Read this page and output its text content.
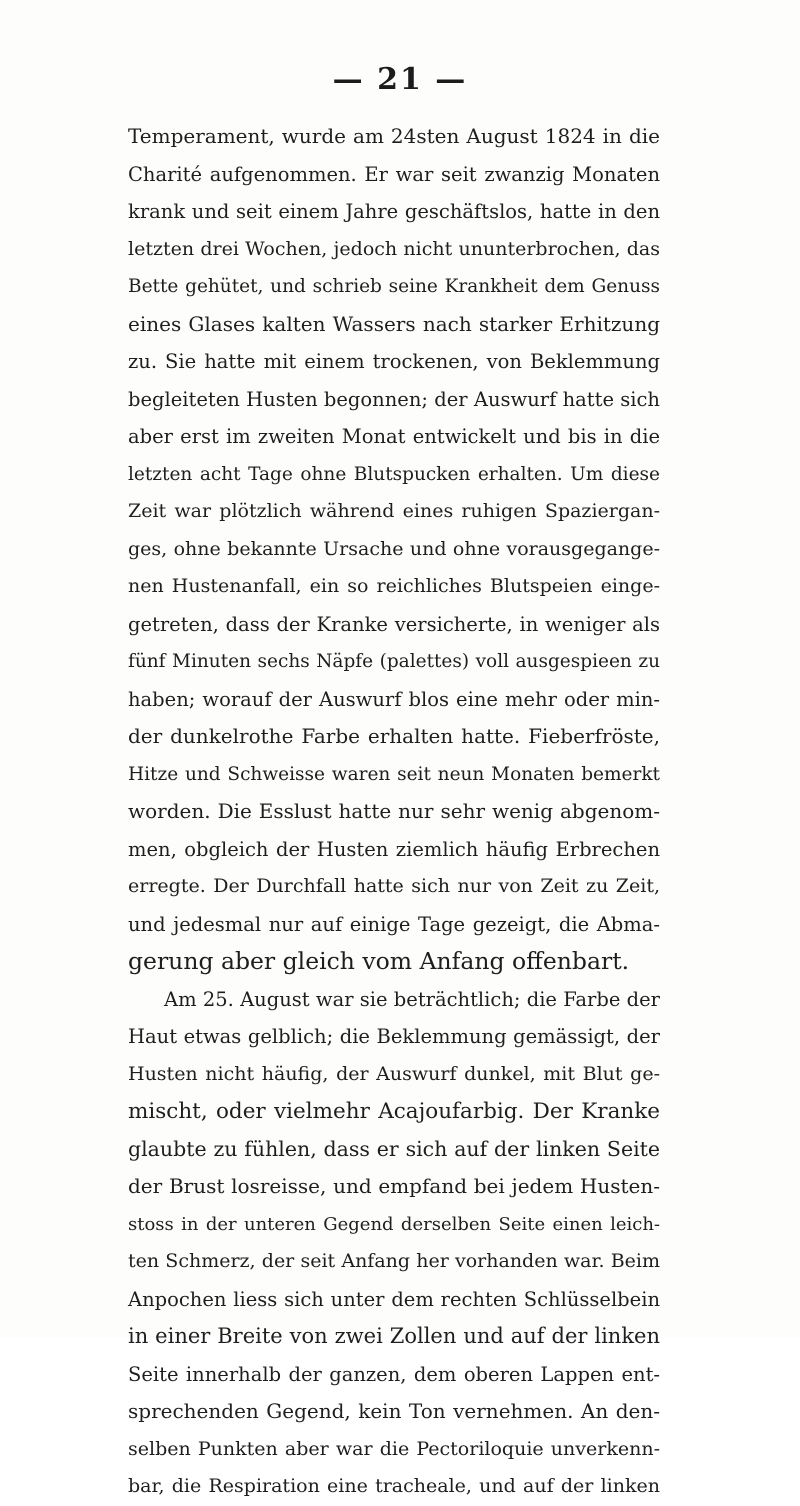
— 21 —
Temperament, wurde am 24sten August 1824 in die
Charité aufgenommen. Er war seit zwanzig Monaten
krank und seit einem Jahre geschäftslos, hatte in den
letzten drei Wochen, jedoch nicht ununterbrochen, das
Bette gehütet, und schrieb seine Krankheit dem Genuss
eines Glases kalten Wassers nach starker Erhitzung
zu. Sie hatte mit einem trockenen, von Beklemmung
begleiteten Husten begonnen; der Auswurf hatte sich
aber erst im zweiten Monat entwickelt und bis in die
letzten acht Tage ohne Blutspucken erhalten. Um diese
Zeit war plötzlich während eines ruhigen Spaziergan-
ges, ohne bekannte Ursache und ohne vorausgegange-
nen Hustenanfall, ein so reichliches Blutspeien einge-
getreten, dass der Kranke versicherte, in weniger als
fünf Minuten sechs Näpfe (palettes) voll ausgespieen zu
haben; worauf der Auswurf blos eine mehr oder min-
der dunkelrothe Farbe erhalten hatte. Fieberfröste,
Hitze und Schweisse waren seit neun Monaten bemerkt
worden. Die Esslust hatte nur sehr wenig abgenom-
men, obgleich der Husten ziemlich häufig Erbrechen
erregte. Der Durchfall hatte sich nur von Zeit zu Zeit,
und jedesmal nur auf einige Tage gezeigt, die Abma-
gerung aber gleich vom Anfang offenbart.
Am 25. August war sie beträchtlich; die Farbe der
Haut etwas gelblich; die Beklemmung gemässigt, der
Husten nicht häufig, der Auswurf dunkel, mit Blut ge-
mischt, oder vielmehr Acajoufarbig. Der Kranke
glaubte zu fühlen, dass er sich auf der linken Seite
der Brust losreisse, und empfand bei jedem Husten-
stoss in der unteren Gegend derselben Seite einen leich-
ten Schmerz, der seit Anfang her vorhanden war. Beim
Anpochen liess sich unter dem rechten Schlüsselbein
in einer Breite von zwei Zollen und auf der linken
Seite innerhalb der ganzen, dem oberen Lappen ent-
sprechenden Gegend, kein Ton vernehmen. An den-
selben Punkten aber war die Pectoriloquie unverkenn-
bar, die Respiration eine tracheale, und auf der linken
